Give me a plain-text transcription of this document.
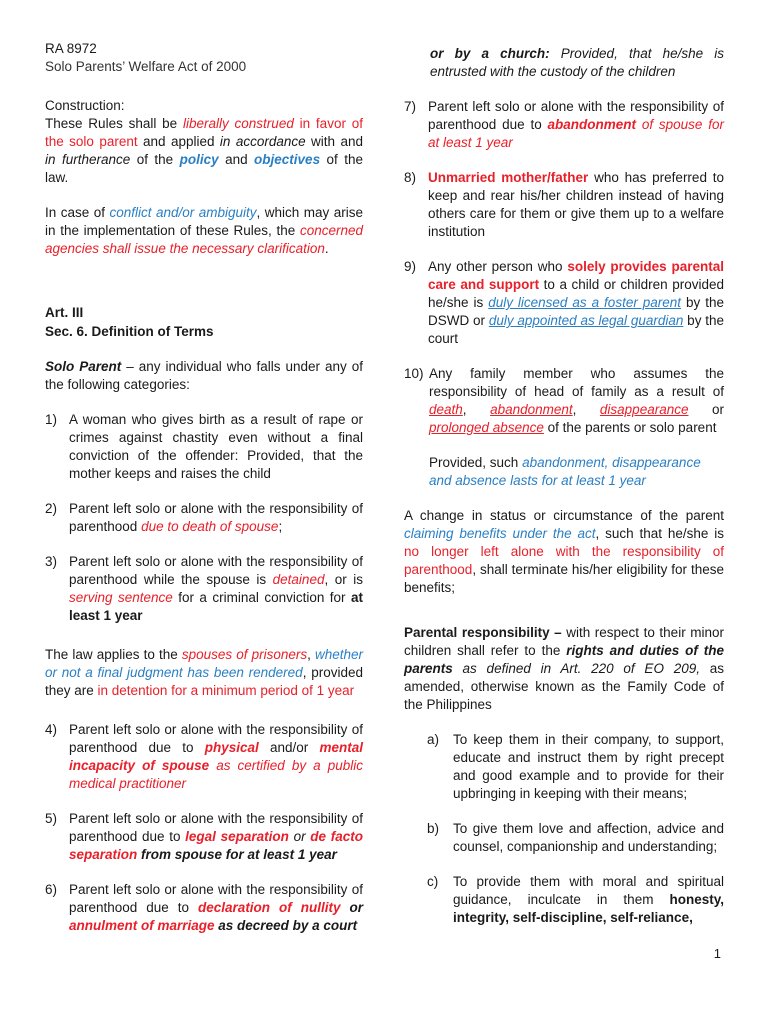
RA 8972

Solo Parents’ Welfare Act of 2000

Construction:

These Rules shall be liberally construed in favor of the solo parent and applied in accordance with and in furtherance of the policy and objectives of the law.

In case of conflict and/or ambiguity, which may arise in the implementation of these Rules, the concerned agencies shall issue the necessary clarification.

Art. III

Sec. 6. Definition of Terms

Solo Parent – any individual who falls under any of the following categories:

1) A woman who gives birth as a result of rape or crimes against chastity even without a final conviction of the offender: Provided, that the mother keeps and raises the child

2) Parent left solo or alone with the responsibility of parenthood due to death of spouse;

3) Parent left solo or alone with the responsibility of parenthood while the spouse is detained, or is serving sentence for a criminal conviction for at least 1 year

The law applies to the spouses of prisoners, whether or not a final judgment has been rendered, provided they are in detention for a minimum period of 1 year

4) Parent left solo or alone with the responsibility of parenthood due to physical and/or mental incapacity of spouse as certified by a public medical practitioner

5) Parent left solo or alone with the responsibility of parenthood due to legal separation or de facto separation from spouse for at least 1 year

6) Parent left solo or alone with the responsibility of parenthood due to declaration of nullity or annulment of marriage as decreed by a court

or by a church: Provided, that he/she is entrusted with the custody of the children

7) Parent left solo or alone with the responsibility of parenthood due to abandonment of spouse for at least 1 year

8) Unmarried mother/father who has preferred to keep and rear his/her children instead of having others care for them or give them up to a welfare institution

9) Any other person who solely provides parental care and support to a child or children provided he/she is duly licensed as a foster parent by the DSWD or duly appointed as legal guardian by the court

10) Any family member who assumes the responsibility of head of family as a result of death, abandonment, disappearance or prolonged absence of the parents or solo parent

Provided, such abandonment, disappearance and absence lasts for at least 1 year

A change in status or circumstance of the parent claiming benefits under the act, such that he/she is no longer left alone with the responsibility of parenthood, shall terminate his/her eligibility for these benefits;

Parental responsibility – with respect to their minor children shall refer to the rights and duties of the parents as defined in Art. 220 of EO 209, as amended, otherwise known as the Family Code of the Philippines

a) To keep them in their company, to support, educate and instruct them by right precept and good example and to provide for their upbringing in keeping with their means;

b) To give them love and affection, advice and counsel, companionship and understanding;

c) To provide them with moral and spiritual guidance, inculcate in them honesty, integrity, self-discipline, self-reliance,

1
